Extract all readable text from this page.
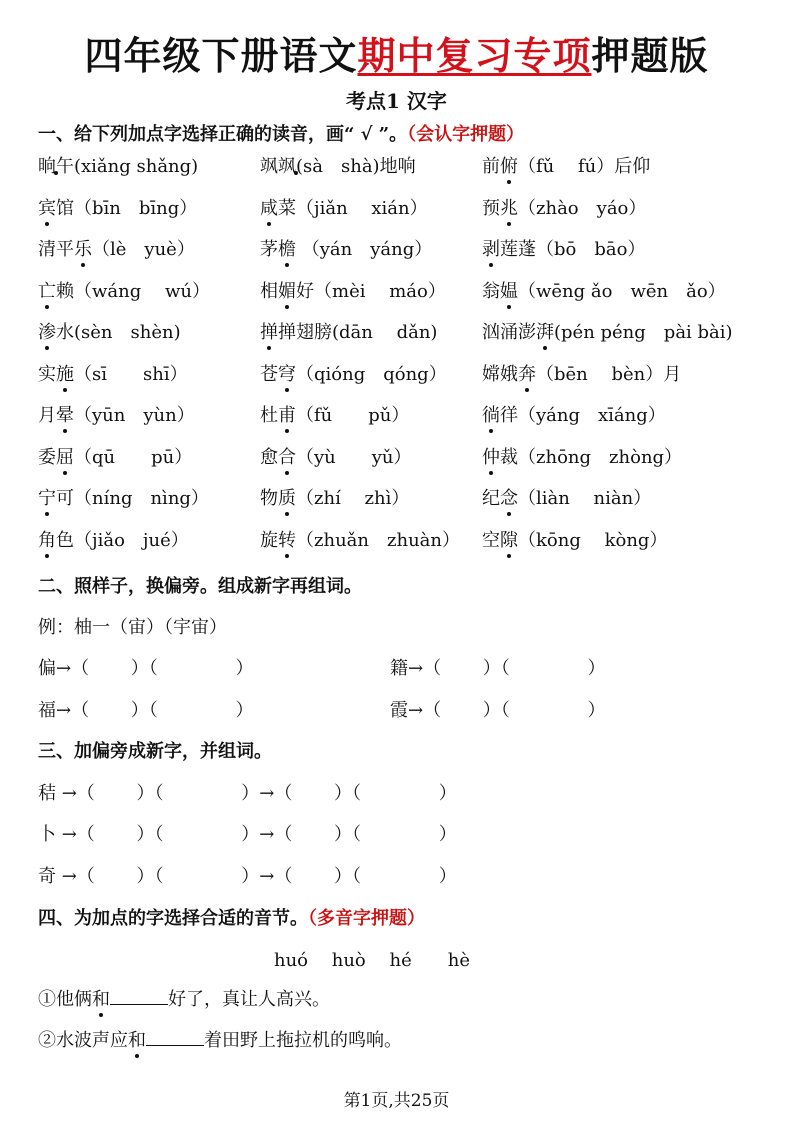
四年级下册语文期中复习专项押题版
考点1 汉字
一、给下列加点字选择正确的读音，画“ √ ”。（会认字押题）
晌午(xiǎng shǎng)	飒飒(sà　shà)地响	前俯（fǔ　 fú）后仰
宾馆（bīn　bīng）	咸菜（jiǎn　 xián）	预兆（zhào　yáo）
清平乐（lè　yuè）	茅檐 （yán　yáng）	剥莲蓬（bō　bāo）
亡赖（wáng　 wú）	相媚好（mèi　 máo） 翁媪（wēng ǎo　wēn　ǎo）
渗水(sèn　shèn)	掸掸翅膀(dān　 dǎn) 汹涌澎湃(pén péng　pài bài)
实施（sī　　shī）	苍穹（qióng　qóng） 嫦娥奔（bēn　 bèn）月
月晕（yūn　yùn）	杜甫（fǔ　　pǔ）	徜徉（yáng　xīáng）
委屈（qū　　pū）	愈合（yù　　yǔ）	仲裁（zhōng　zhòng）
宁可（níng　nìng）	物质（zhí　 zhì）	纪念（liàn　 niàn）
角色（jiǎo　jué）	旋转（zhuǎn　zhuàn） 空隙（kōng　 kòng）
二、照样子，换偏旁。组成新字再组词。
例：柚一（宙）（宇宙）
偏→（　　 ）（　　　　 ）	籍→（　　 ）（　　　　 ）
福→（　　 ）（　　　　 ）	霞→（　　 ）（　　　　 ）
三、加偏旁成新字，并组词。
秸 →（　　 ）（　　　　 ）→（　　 ）（　　　　 ）
卜 →（　　 ）（　　　　 ）→（　　 ）（　　　　 ）
奇 →（　　 ）（　　　　 ）→（　　 ）（　　　　 ）
四、为加点的字选择合适的音节。（多音字押题）
huó　 huò　 hé　　hè
①他俩和	好了，真让人高兴。
②水波声应和	着田野上拖拉机的鸣响。
第1页,共25页
